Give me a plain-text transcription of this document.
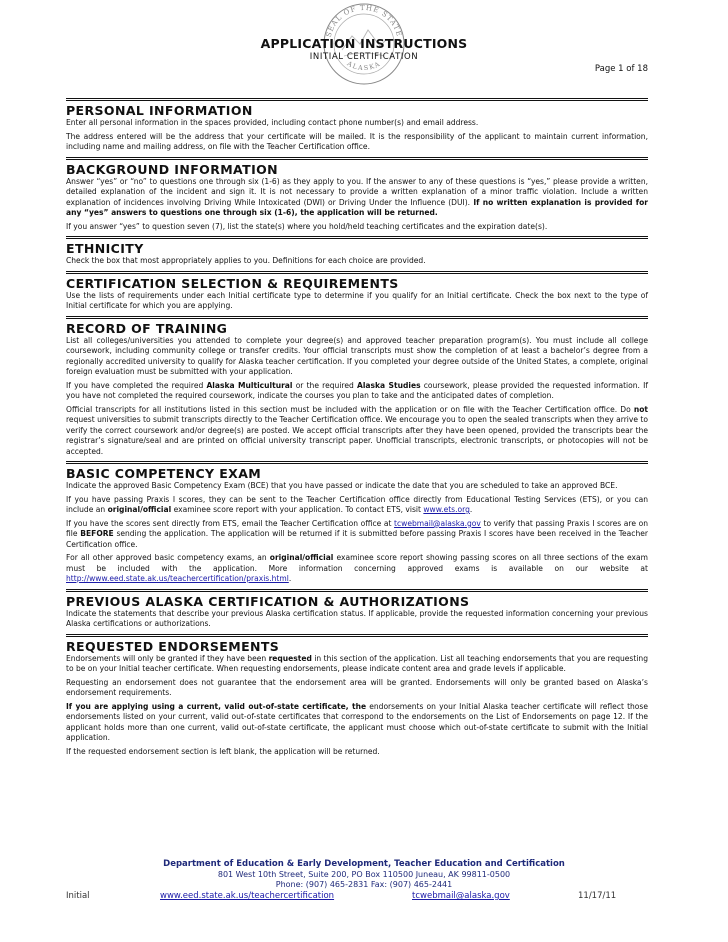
SEAL OF THE STATE
ALASKA
APPLICATION INSTRUCTIONS
INITIAL CERTIFICATION
Page 1 of 18
PERSONAL INFORMATION

Enter all personal information in the spaces provided, including contact phone number(s) and email address.

The address entered will be the address that your certificate will be mailed. It is the responsibility of the applicant to maintain current information, including name and mailing address, on file with the Teacher Certification office.

BACKGROUND INFORMATION

Answer “yes” or “no” to questions one through six (1-6) as they apply to you. If the answer to any of these questions is “yes,” please provide a written, detailed explanation of the incident and sign it. It is not necessary to provide a written explanation of a minor traffic violation. Include a written explanation of incidences involving Driving While Intoxicated (DWI) or Driving Under the Influence (DUI). If no written explanation is provided for any “yes” answers to questions one through six (1-6), the application will be returned.

If you answer “yes” to question seven (7), list the state(s) where you hold/held teaching certificates and the expiration date(s).

ETHNICITY

Check the box that most appropriately applies to you. Definitions for each choice are provided.

CERTIFICATION SELECTION & REQUIREMENTS

Use the lists of requirements under each Initial certificate type to determine if you qualify for an Initial certificate. Check the box next to the type of Initial certificate for which you are applying.

RECORD OF TRAINING

List all colleges/universities you attended to complete your degree(s) and approved teacher preparation program(s). You must include all college coursework, including community college or transfer credits. Your official transcripts must show the completion of at least a bachelor’s degree from a regionally accredited university to qualify for Alaska teacher certification. If you completed your degree outside of the United States, a complete, original foreign evaluation must be submitted with your application.

If you have completed the required Alaska Multicultural or the required Alaska Studies coursework, please provided the requested information. If you have not completed the required coursework, indicate the courses you plan to take and the anticipated dates of completion.

Official transcripts for all institutions listed in this section must be included with the application or on file with the Teacher Certification office. Do not request universities to submit transcripts directly to the Teacher Certification office. We encourage you to open the sealed transcripts when they arrive to verify the correct coursework and/or degree(s) are posted. We accept official transcripts after they have been opened, provided the transcripts bear the registrar’s signature/seal and are printed on official university transcript paper. Unofficial transcripts, electronic transcripts, or photocopies will not be accepted.

BASIC COMPETENCY EXAM

Indicate the approved Basic Competency Exam (BCE) that you have passed or indicate the date that you are scheduled to take an approved BCE.

If you have passing Praxis I scores, they can be sent to the Teacher Certification office directly from Educational Testing Services (ETS), or you can include an original/official examinee score report with your application. To contact ETS, visit www.ets.org.

If you have the scores sent directly from ETS, email the Teacher Certification office at tcwebmail@alaska.gov to verify that passing Praxis I scores are on file BEFORE sending the application. The application will be returned if it is submitted before passing Praxis I scores have been received in the Teacher Certification office.

For all other approved basic competency exams, an original/official examinee score report showing passing scores on all three sections of the exam must be included with the application. More information concerning approved exams is available on our website at http://www.eed.state.ak.us/teachercertification/praxis.html.

PREVIOUS ALASKA CERTIFICATION & AUTHORIZATIONS

Indicate the statements that describe your previous Alaska certification status. If applicable, provide the requested information concerning your previous Alaska certifications or authorizations.

REQUESTED ENDORSEMENTS

Endorsements will only be granted if they have been requested in this section of the application. List all teaching endorsements that you are requesting to be on your Initial teacher certificate. When requesting endorsements, please indicate content area and grade levels if applicable.

Requesting an endorsement does not guarantee that the endorsement area will be granted. Endorsements will only be granted based on Alaska’s endorsement requirements.

If you are applying using a current, valid out-of-state certificate, the endorsements on your Initial Alaska teacher certificate will reflect those endorsements listed on your current, valid out-of-state certificates that correspond to the endorsements on the List of Endorsements on page 12. If the applicant holds more than one current, valid out-of-state certificate, the applicant must choose which out-of-state certificate to submit with the Initial application.

If the requested endorsement section is left blank, the application will be returned.

Department of Education & Early Development, Teacher Education and Certification
801 West 10th Street, Suite 200, PO Box 110500 Juneau, AK 99811-0500
Phone: (907) 465-2831 Fax: (907) 465-2441
Initial	www.eed.state.ak.us/teachercertification	tcwebmail@alaska.gov	11/17/11
